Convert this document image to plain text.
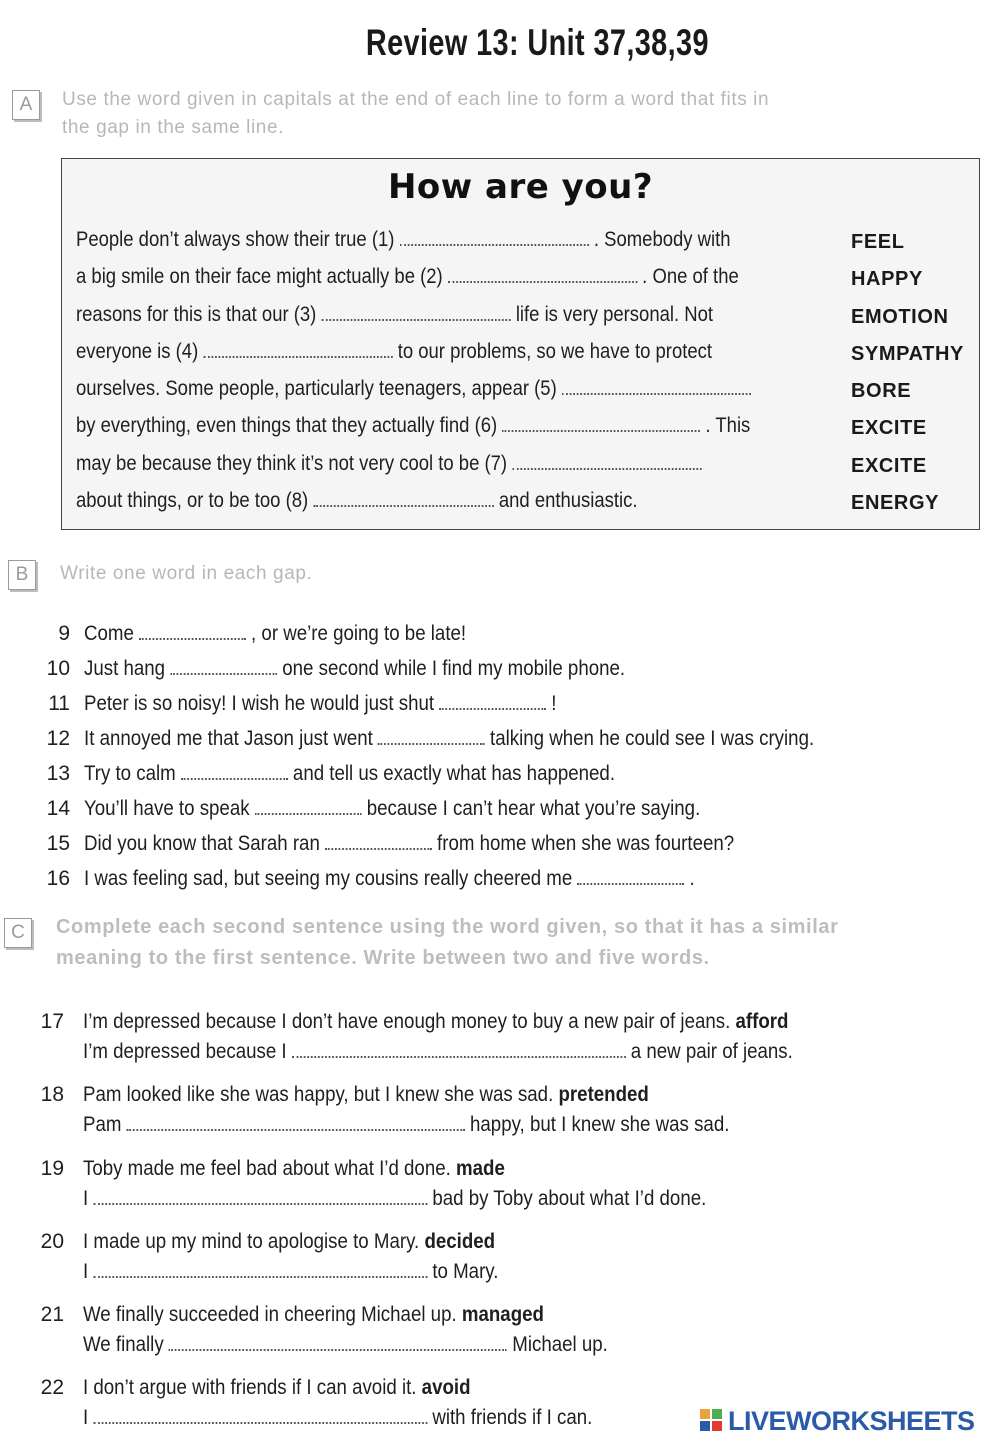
Review 13: Unit 37,38,39
A	Use the word given in capitals at the end of each line to form a word that fits in
the gap in the same line.
How are you?
People don’t always show their true (1)	. Somebody with	FEEL
a big smile on their face might actually be (2)	. One of the	HAPPY
reasons for this is that our (3)	life is very personal. Not	EMOTION
everyone is (4)	to our problems, so we have to protect	SYMPATHY
ourselves. Some people, particularly teenagers, appear (5)	BORE
by everything, even things that they actually find (6)	. This	EXCITE
may be because they think it’s not very cool to be (7)	EXCITE
about things, or to be too (8)	and enthusiastic.	ENERGY
B	Write one word in each gap.
9 Come	, or we’re going to be late!
10 Just hang	one second while I find my mobile phone.
11 Peter is so noisy! I wish he would just shut	!
12 It annoyed me that Jason just went	talking when he could see I was crying.
13 Try to calm	and tell us exactly what has happened.
14 You’ll have to speak	because I can’t hear what you’re saying.
15 Did you know that Sarah ran	from home when she was fourteen?
16 I was feeling sad, but seeing my cousins really cheered me	.
C	Complete each second sentence using the word given, so that it has a similar
meaning to the first sentence. Write between two and five words.
17 I’m depressed because I don’t have enough money to buy a new pair of jeans. afford
I’m depressed because I	a new pair of jeans.
18 Pam looked like she was happy, but I knew she was sad. pretended
Pam	happy, but I knew she was sad.
19 Toby made me feel bad about what I’d done. made
I	bad by Toby about what I’d done.
20 I made up my mind to apologise to Mary. decided
I	to Mary.
21 We finally succeeded in cheering Michael up. managed
We finally	Michael up.
22 I don’t argue with friends if I can avoid it. avoid
I	with friends if I can.	LIVEWORKSHEETS
